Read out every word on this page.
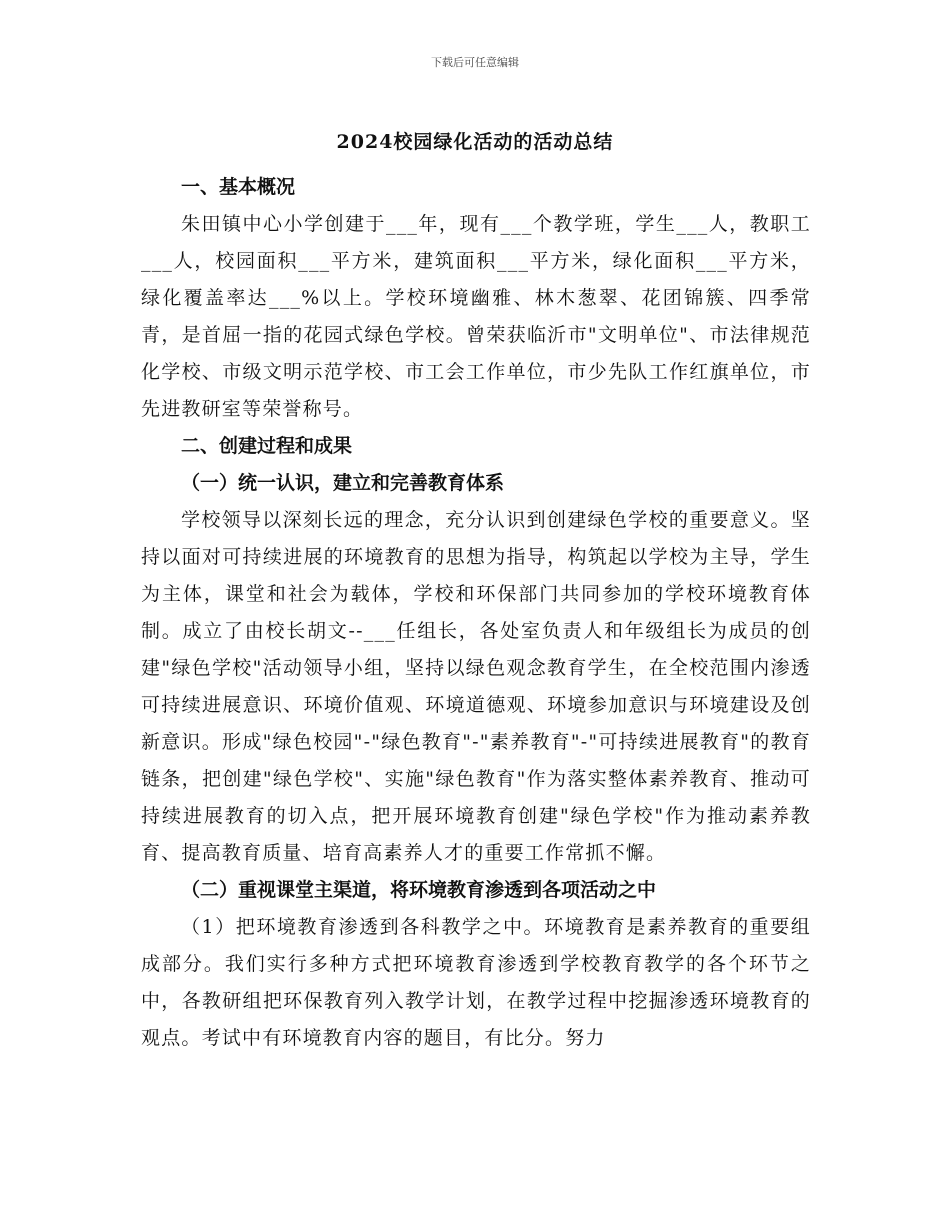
下载后可任意编辑
2024校园绿化活动的活动总结

一、基本概况

朱田镇中心小学创建于___年，现有___个教学班，学生___人，教职工___人，校园面积___平方米，建筑面积___平方米，绿化面积___平方米，绿化覆盖率达___%以上。学校环境幽雅、林木葱翠、花团锦簇、四季常青，是首屈一指的花园式绿色学校。曾荣获临沂市"文明单位"、市法律规范化学校、市级文明示范学校、市工会工作单位，市少先队工作红旗单位，市先进教研室等荣誉称号。

二、创建过程和成果

（一）统一认识，建立和完善教育体系

学校领导以深刻长远的理念，充分认识到创建绿色学校的重要意义。坚持以面对可持续进展的环境教育的思想为指导，构筑起以学校为主导，学生为主体，课堂和社会为载体，学校和环保部门共同参加的学校环境教育体制。成立了由校长胡文--___任组长，各处室负责人和年级组长为成员的创建"绿色学校"活动领导小组，坚持以绿色观念教育学生，在全校范围内渗透可持续进展意识、环境价值观、环境道德观、环境参加意识与环境建设及创新意识。形成"绿色校园"-"绿色教育"-"素养教育"-"可持续进展教育"的教育链条，把创建"绿色学校"、实施"绿色教育"作为落实整体素养教育、推动可持续进展教育的切入点，把开展环境教育创建"绿色学校"作为推动素养教育、提高教育质量、培育高素养人才的重要工作常抓不懈。

（二）重视课堂主渠道，将环境教育渗透到各项活动之中

（1）把环境教育渗透到各科教学之中。环境教育是素养教育的重要组成部分。我们实行多种方式把环境教育渗透到学校教育教学的各个环节之中，各教研组把环保教育列入教学计划，在教学过程中挖掘渗透环境教育的观点。考试中有环境教育内容的题目，有比分。努力
